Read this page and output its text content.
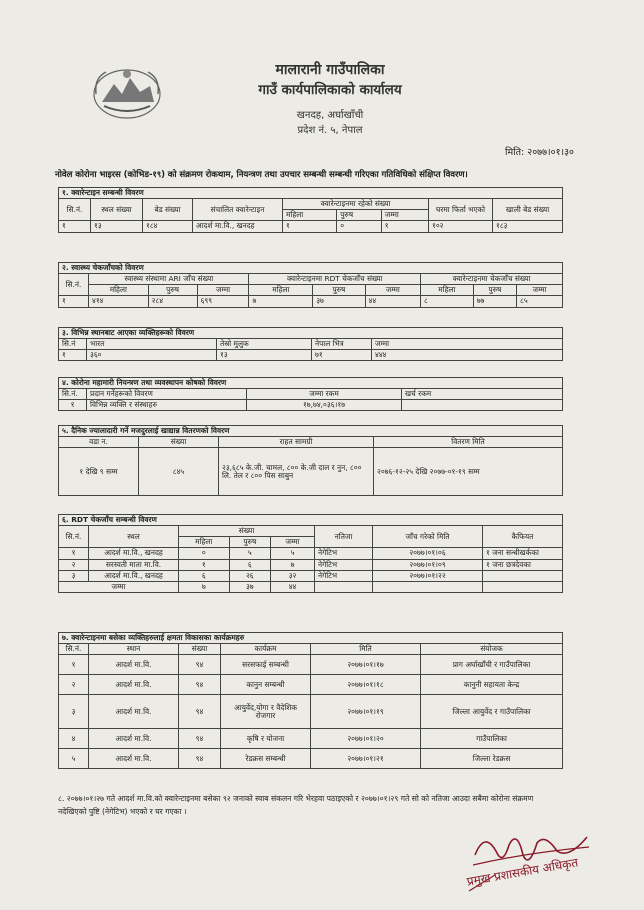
मालारानी गाउँपालिका
गाउँ कार्यपालिकाको कार्यालय
खनदह, अर्घाखाँची
प्रदेश नं. ५, नेपाल
मिति: २०७७।०१।३०
नोवेल कोरोना भाइरस (कोभिड-१९) को संक्रमण रोकथाम, नियन्त्रण तथा उपचार सम्बन्धी सम्बन्धी गरिएका गतिविधिको संक्षिप्त विवरण।
१. क्वारेन्टाइन सम्बन्धी विवरण								
सि.नं.	स्थल संख्या	बेड संख्या	संचालित क्वारेन्टाइन	क्वारेन्टाइनमा रहेको संख्या			घरमा फिर्ता भएको	खाली बेड संख्या
				महिला	पुरुष	जम्मा		
१	१३	१८४	आदर्श मा.वि., खनदह	१	०	१	१०२	१८३
२. स्वास्थ्य चेकजाँचको विवरण									
सि.नं.	स्वास्थ्य संस्थामा ARI जाँच संख्या			क्वारेन्टाइनमा RDT चेकजाँच संख्या			क्वारेन्टाइनमा चेकजाँच संख्या		
	महिला	पुरुष	जम्मा	महिला	पुरुष	जम्मा	महिला	पुरुष	जम्मा
१	४१४	२८४	६९९	७	३७	४४	८	७७	८५
३. विभिन्न स्थानबाट आएका व्यक्तिहरूको विवरण				
सि.नं	भारत	तेस्रो मुलुक	नेपाल भित्र	जम्मा
१	३६०	१३	७१	४४४
४. कोरोना महामारी नियन्त्रण तथा व्यवस्थापन कोषको विवरण			
सि.नं.	प्रदान गर्नेहरूको विवरण	जम्मा रकम	खर्च रकम
१	विभिन्न व्यक्ति र संस्थाहरु	१७,७४,०३६।१७	
५. दैनिक ज्यालादारी गर्ने मजदुरलाई खाद्यान्न वितरणको विवरण			
वडा न.	संख्या	राहत सामग्री	वितरण मिति
१ देखि ९ सम्म	८४५	२३,६८५ के.जी. चामल, ८०० के.जी दाल र नुन, ८०० लि. तेल र ८०० पिस साबुन	२०७६-१२-२५ देखि २०७७-०१-१९ सम्म
६. RDT चेकजाँच सम्बन्धी विवरण							
सि.नं.	स्थल	संख्या			नतिजा	जाँच गरेको मिति	कैफियत
		महिला	पुरुष	जम्मा			
१	आदर्श मा.वि., खनदह	०	५	५	नेगेटिभ	२०७७।०१।०६	१ जना सन्धीखर्कका
२	सरस्वती माता मा.वि.	१	६	७	नेगेटिभ	२०७७।०१।०९	१ जना छत्रदेवका
३	आदर्श मा.वि., खनदह	६	२६	३२	नेगेटिभ	२०७७।०१।२२	
जम्मा		७	३७	४४			
७. क्वारेन्टाइनमा बसेका व्यक्तिहरुलाई क्षमता विकासका कार्यक्रमहरु					
सि.नं.	स्थान	संख्या	कार्यक्रम	मिति	संयोजक
१	आदर्श मा.वि.	९४	सरसफाई सम्बन्धी	२०७७।०१।१७	प्राग अर्घाखाँची र गाउँपालिका
२	आदर्श मा.वि.	९४	कानुन सम्बन्धी	२०७७।०१।१८	कानुनी सहायता केन्द्र
३	आदर्श मा.वि.	९४	आयुर्वेद,योगा र वैदेशिक रोजगार	२०७७।०१।१९	जिल्ला आयुर्वेद र गाउँपालिका
४	आदर्श मा.वि.	९४	कृषि र योजना	२०७७।०१।२०	गाउँपालिका
५	आदर्श मा.वि.	९४	रेडक्रस सम्बन्धी	२०७७।०१।२१	जिल्ला रेडक्रस
८. २०७७।०१।२७ गते आदर्श मा.वि.को क्वारेन्टाइनमा बसेका ९२ जनाको स्वाब संकलन गरि भेरहवा पठाइएको र २०७७।०१।२९ गते सो को नतिजा आउदा सबैमा कोरोना संक्रमण नदेखिएको पुष्टि (नेगेटिभ) भएको र घर गएका ।
प्रमुख प्रशासकीय अधिकृत
